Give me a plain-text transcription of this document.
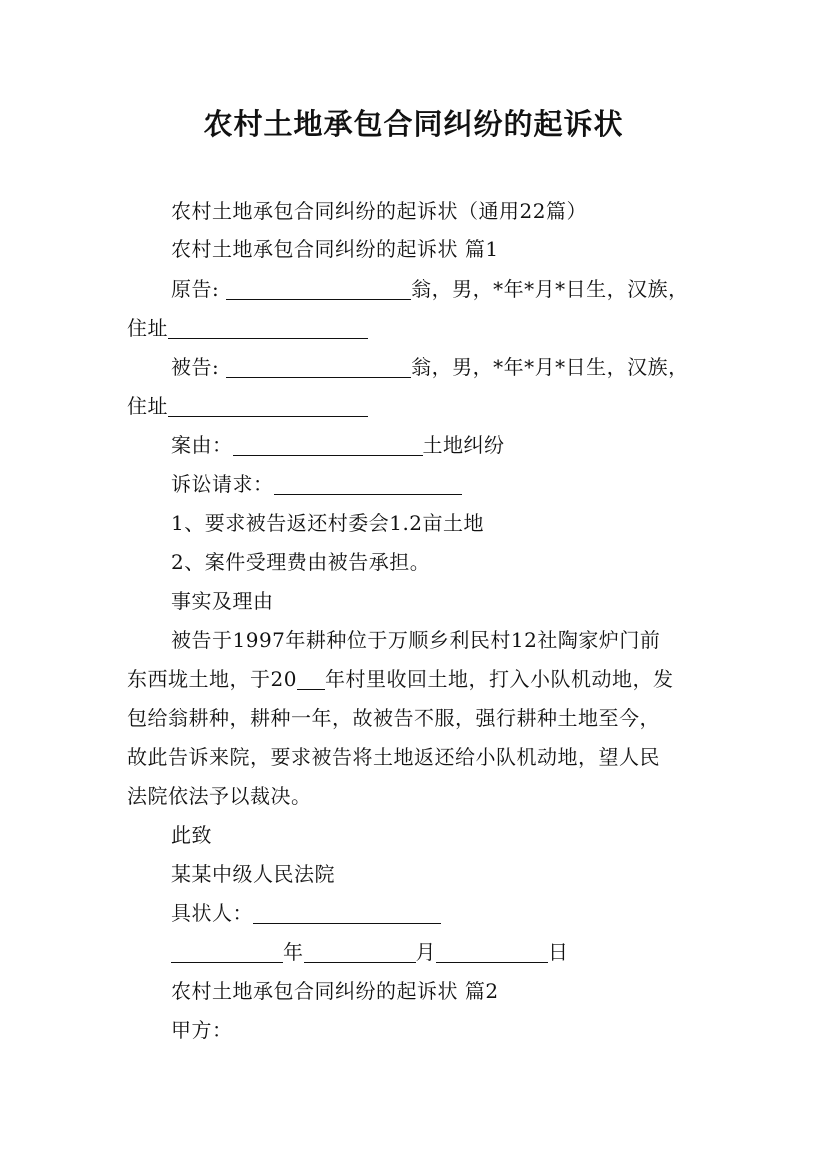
农村土地承包合同纠纷的起诉状
农村土地承包合同纠纷的起诉状（通用22篇）
农村土地承包合同纠纷的起诉状 篇1
原告:	翁，男，*年*月*日生，汉族，
住址
被告:	翁，男，*年*月*日生，汉族，
住址
案由：	土地纠纷
诉讼请求：
1、要求被告返还村委会1.2亩土地
2、案件受理费由被告承担。
事实及理由
被告于1997年耕种位于万顺乡利民村12社陶家炉门前
东西垅土地，于20 年村里收回土地，打入小队机动地，发
包给翁耕种，耕种一年，故被告不服，强行耕种土地至今，
故此告诉来院，要求被告将土地返还给小队机动地，望人民
法院依法予以裁决。
此致
某某中级人民法院
具状人：
年	月	日
农村土地承包合同纠纷的起诉状 篇2
甲方：
